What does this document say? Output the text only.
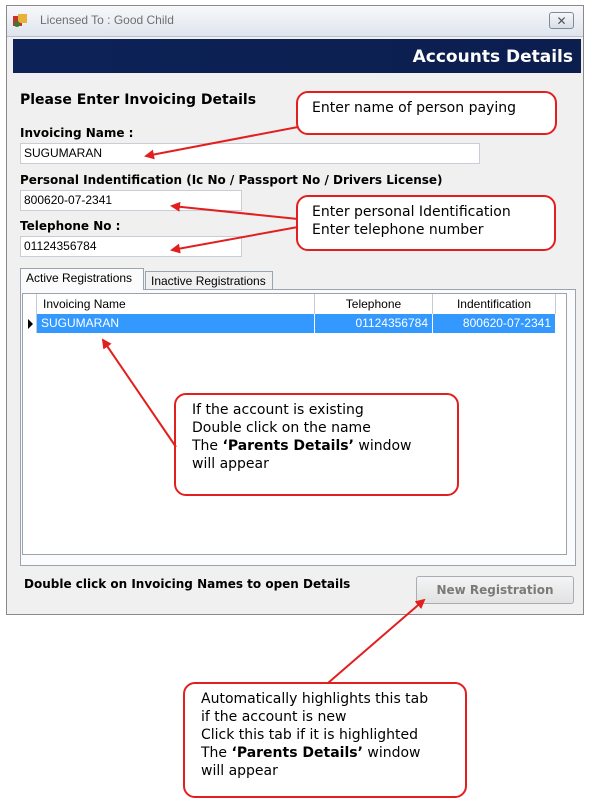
Licensed To : Good Child	✕
Accounts Details
Please Enter Invoicing Details
Invoicing Name :
SUGUMARAN
Personal Indentification (Ic No / Passport No / Drivers License)
800620-07-2341
Telephone No :
01124356784
Active Registrations	Inactive Registrations
Invoicing Name	Telephone	Indentification
SUGUMARAN	01124356784	800620-07-2341
Double click on Invoicing Names to open Details	New Registration
Enter name of person paying
Enter personal Identification
Enter telephone number
If the account is existing
Double click on the name
The ‘Parents Details’ window
will appear
Automatically highlights this tab
if the account is new
Click this tab if it is highlighted
The ‘Parents Details’ window
will appear
